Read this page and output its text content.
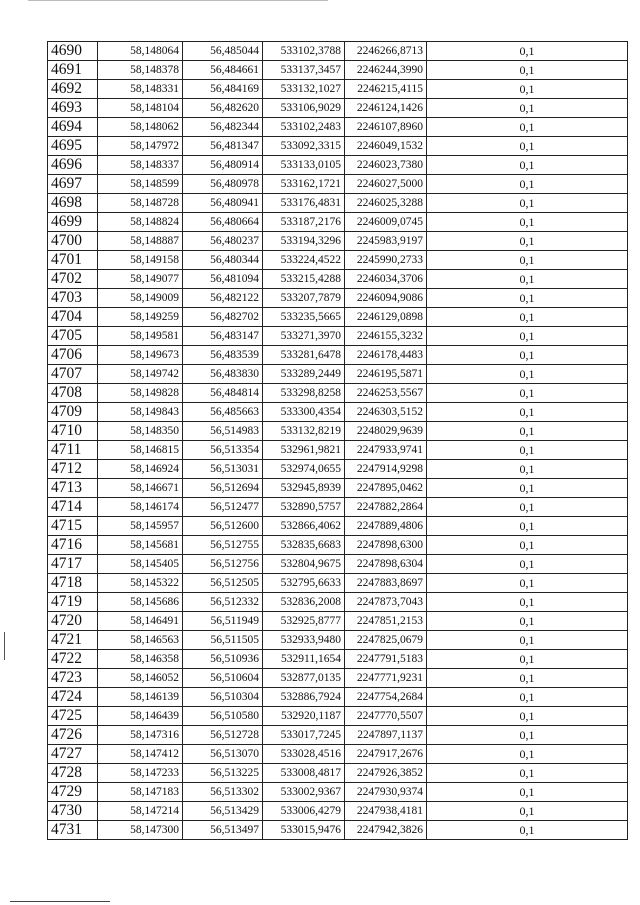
4690	58,148064	56,485044	533102,3788	2246266,8713	0,1
4691	58,148378	56,484661	533137,3457	2246244,3990	0,1
4692	58,148331	56,484169	533132,1027	2246215,4115	0,1
4693	58,148104	56,482620	533106,9029	2246124,1426	0,1
4694	58,148062	56,482344	533102,2483	2246107,8960	0,1
4695	58,147972	56,481347	533092,3315	2246049,1532	0,1
4696	58,148337	56,480914	533133,0105	2246023,7380	0,1
4697	58,148599	56,480978	533162,1721	2246027,5000	0,1
4698	58,148728	56,480941	533176,4831	2246025,3288	0,1
4699	58,148824	56,480664	533187,2176	2246009,0745	0,1
4700	58,148887	56,480237	533194,3296	2245983,9197	0,1
4701	58,149158	56,480344	533224,4522	2245990,2733	0,1
4702	58,149077	56,481094	533215,4288	2246034,3706	0,1
4703	58,149009	56,482122	533207,7879	2246094,9086	0,1
4704	58,149259	56,482702	533235,5665	2246129,0898	0,1
4705	58,149581	56,483147	533271,3970	2246155,3232	0,1
4706	58,149673	56,483539	533281,6478	2246178,4483	0,1
4707	58,149742	56,483830	533289,2449	2246195,5871	0,1
4708	58,149828	56,484814	533298,8258	2246253,5567	0,1
4709	58,149843	56,485663	533300,4354	2246303,5152	0,1
4710	58,148350	56,514983	533132,8219	2248029,9639	0,1
4711	58,146815	56,513354	532961,9821	2247933,9741	0,1
4712	58,146924	56,513031	532974,0655	2247914,9298	0,1
4713	58,146671	56,512694	532945,8939	2247895,0462	0,1
4714	58,146174	56,512477	532890,5757	2247882,2864	0,1
4715	58,145957	56,512600	532866,4062	2247889,4806	0,1
4716	58,145681	56,512755	532835,6683	2247898,6300	0,1
4717	58,145405	56,512756	532804,9675	2247898,6304	0,1
4718	58,145322	56,512505	532795,6633	2247883,8697	0,1
4719	58,145686	56,512332	532836,2008	2247873,7043	0,1
4720	58,146491	56,511949	532925,8777	2247851,2153	0,1
4721	58,146563	56,511505	532933,9480	2247825,0679	0,1
4722	58,146358	56,510936	532911,1654	2247791,5183	0,1
4723	58,146052	56,510604	532877,0135	2247771,9231	0,1
4724	58,146139	56,510304	532886,7924	2247754,2684	0,1
4725	58,146439	56,510580	532920,1187	2247770,5507	0,1
4726	58,147316	56,512728	533017,7245	2247897,1137	0,1
4727	58,147412	56,513070	533028,4516	2247917,2676	0,1
4728	58,147233	56,513225	533008,4817	2247926,3852	0,1
4729	58,147183	56,513302	533002,9367	2247930,9374	0,1
4730	58,147214	56,513429	533006,4279	2247938,4181	0,1
4731	58,147300	56,513497	533015,9476	2247942,3826	0,1
